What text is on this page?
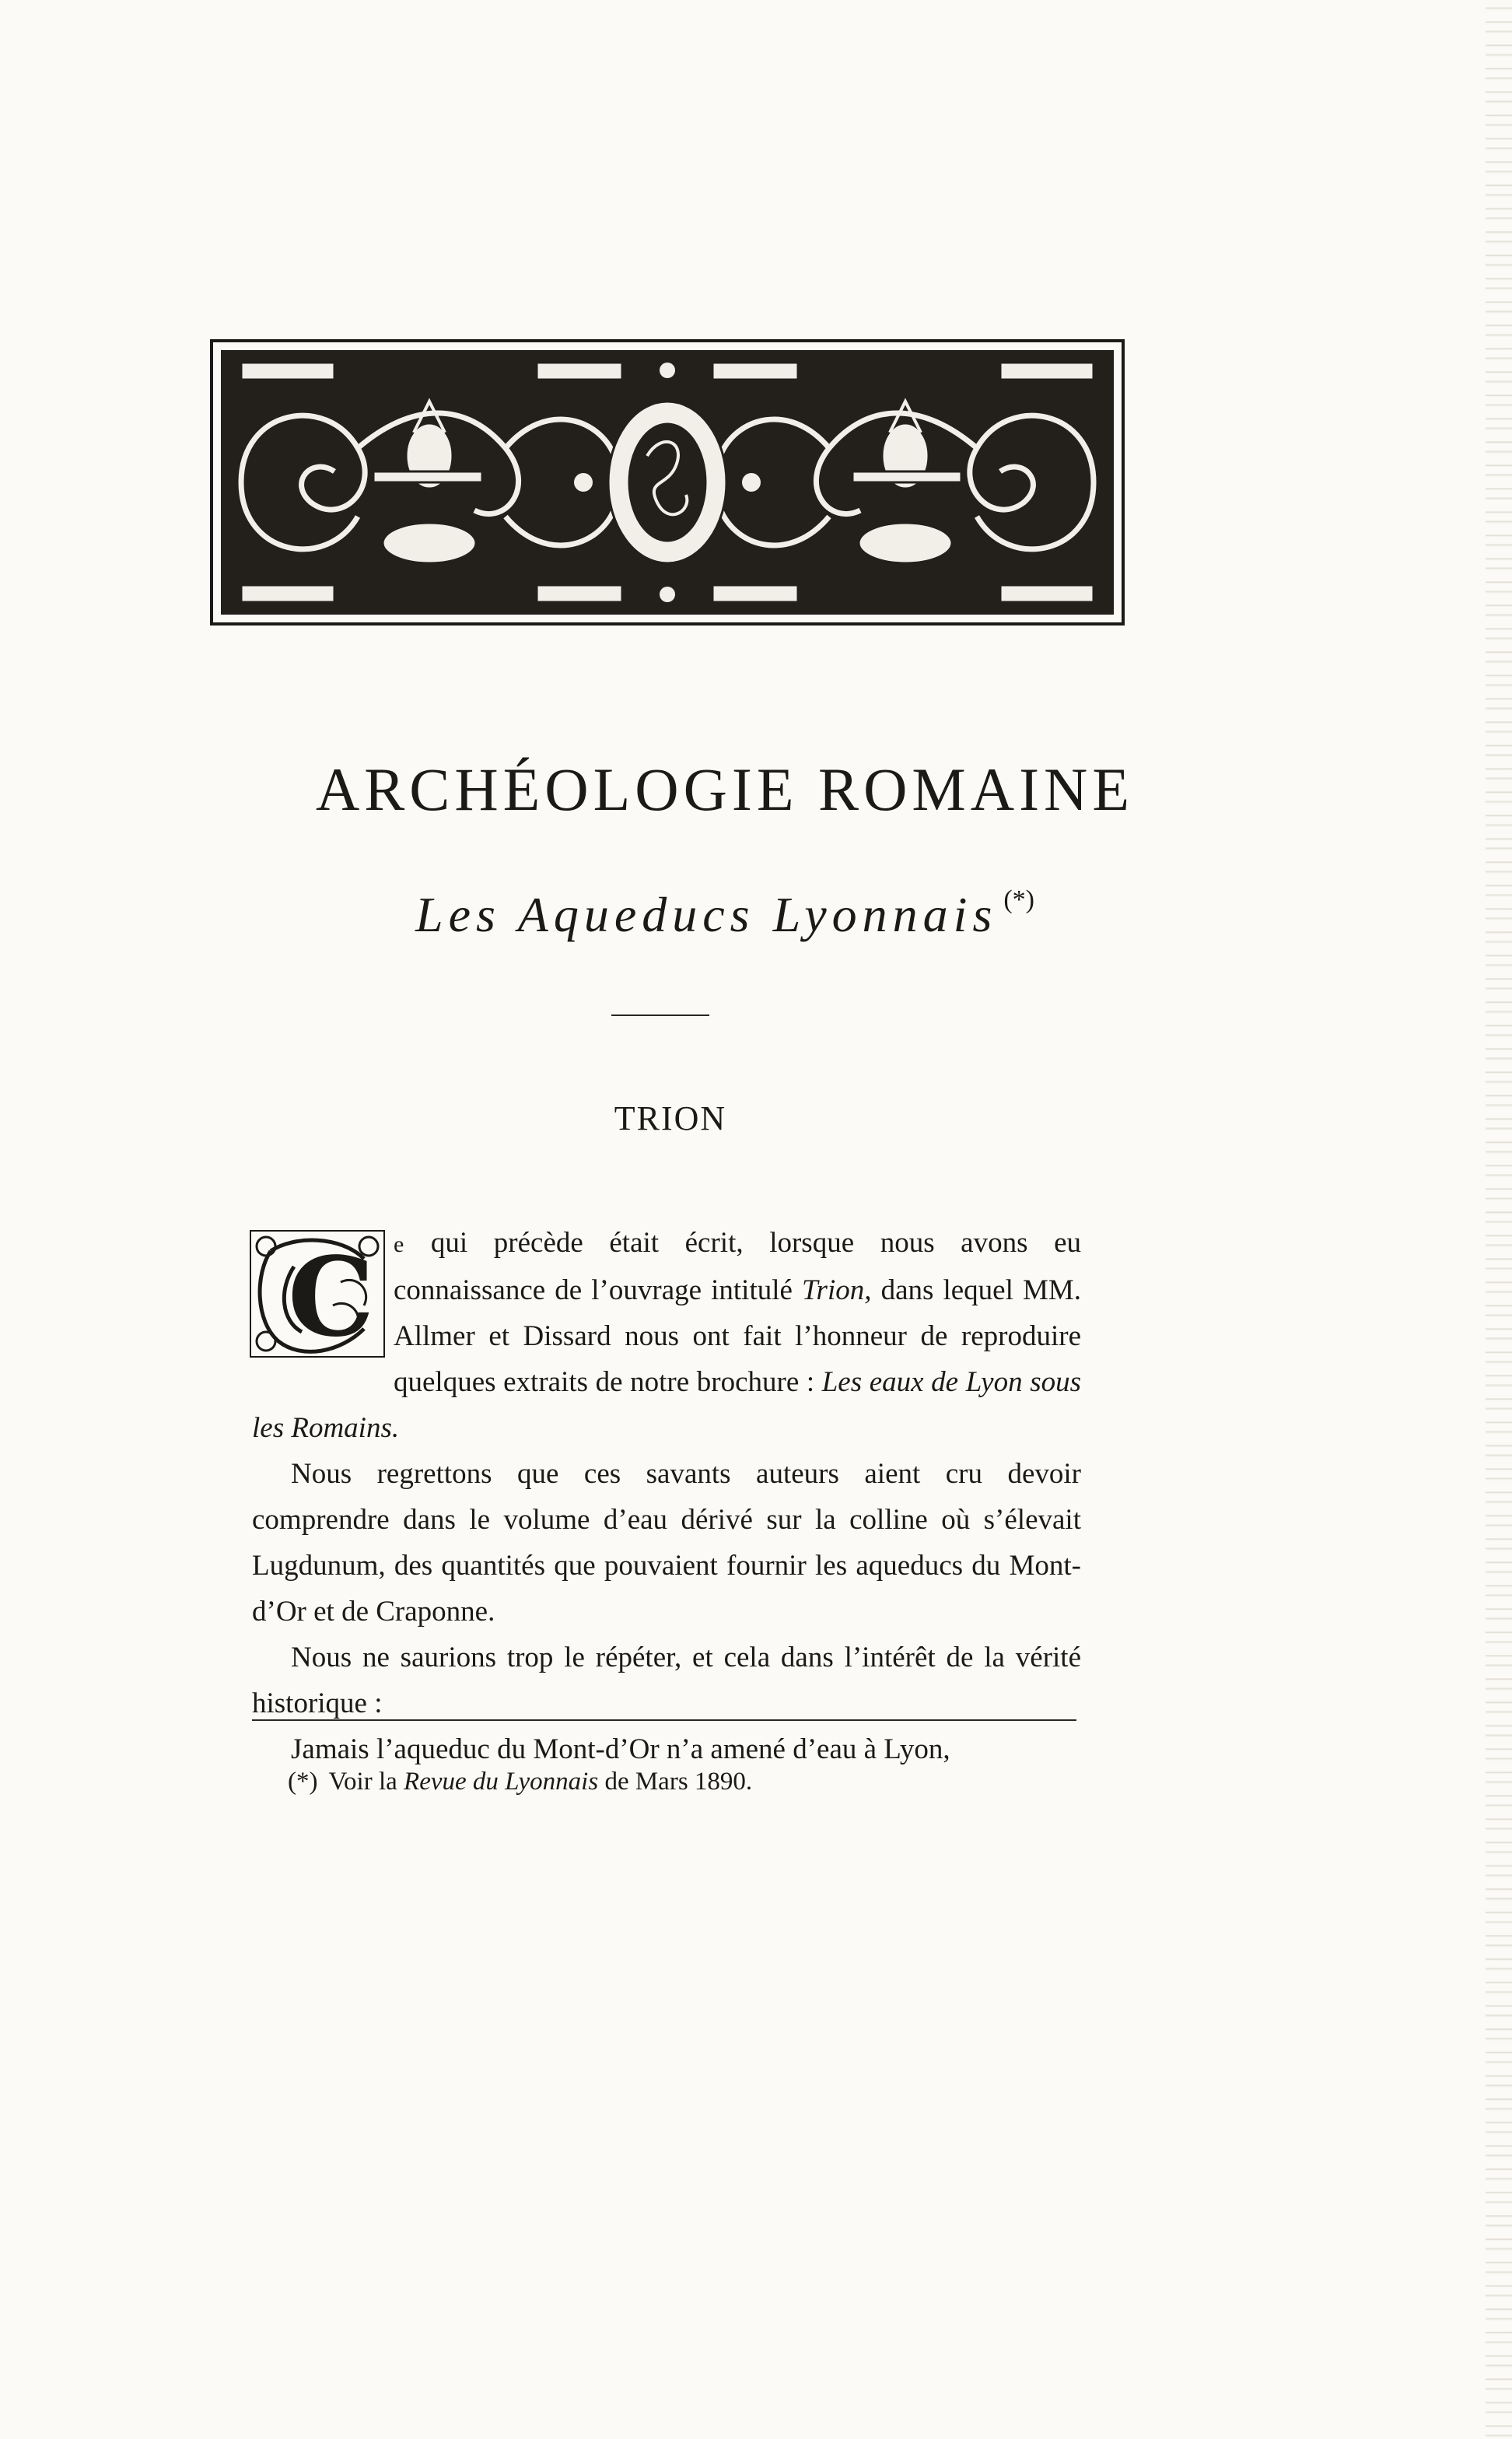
ARCHÉOLOGIE ROMAINE
Les Aqueducs Lyonnais (*)
TRION

C e qui précède était écrit, lorsque nous avons eu connaissance de l’ouvrage intitulé Trion, dans lequel MM. Allmer et Dissard nous ont fait l’honneur de reproduire quelques extraits de notre brochure : Les eaux de Lyon sous les Romains.

Nous regrettons que ces savants auteurs aient cru devoir comprendre dans le volume d’eau dérivé sur la colline où s’élevait Lugdunum, des quantités que pouvaient fournir les aqueducs du Mont-d’Or et de Craponne.

Nous ne saurions trop le répéter, et cela dans l’intérêt de la vérité historique :

Jamais l’aqueduc du Mont-d’Or n’a amené d’eau à Lyon,

(*) Voir la Revue du Lyonnais de Mars 1890.
